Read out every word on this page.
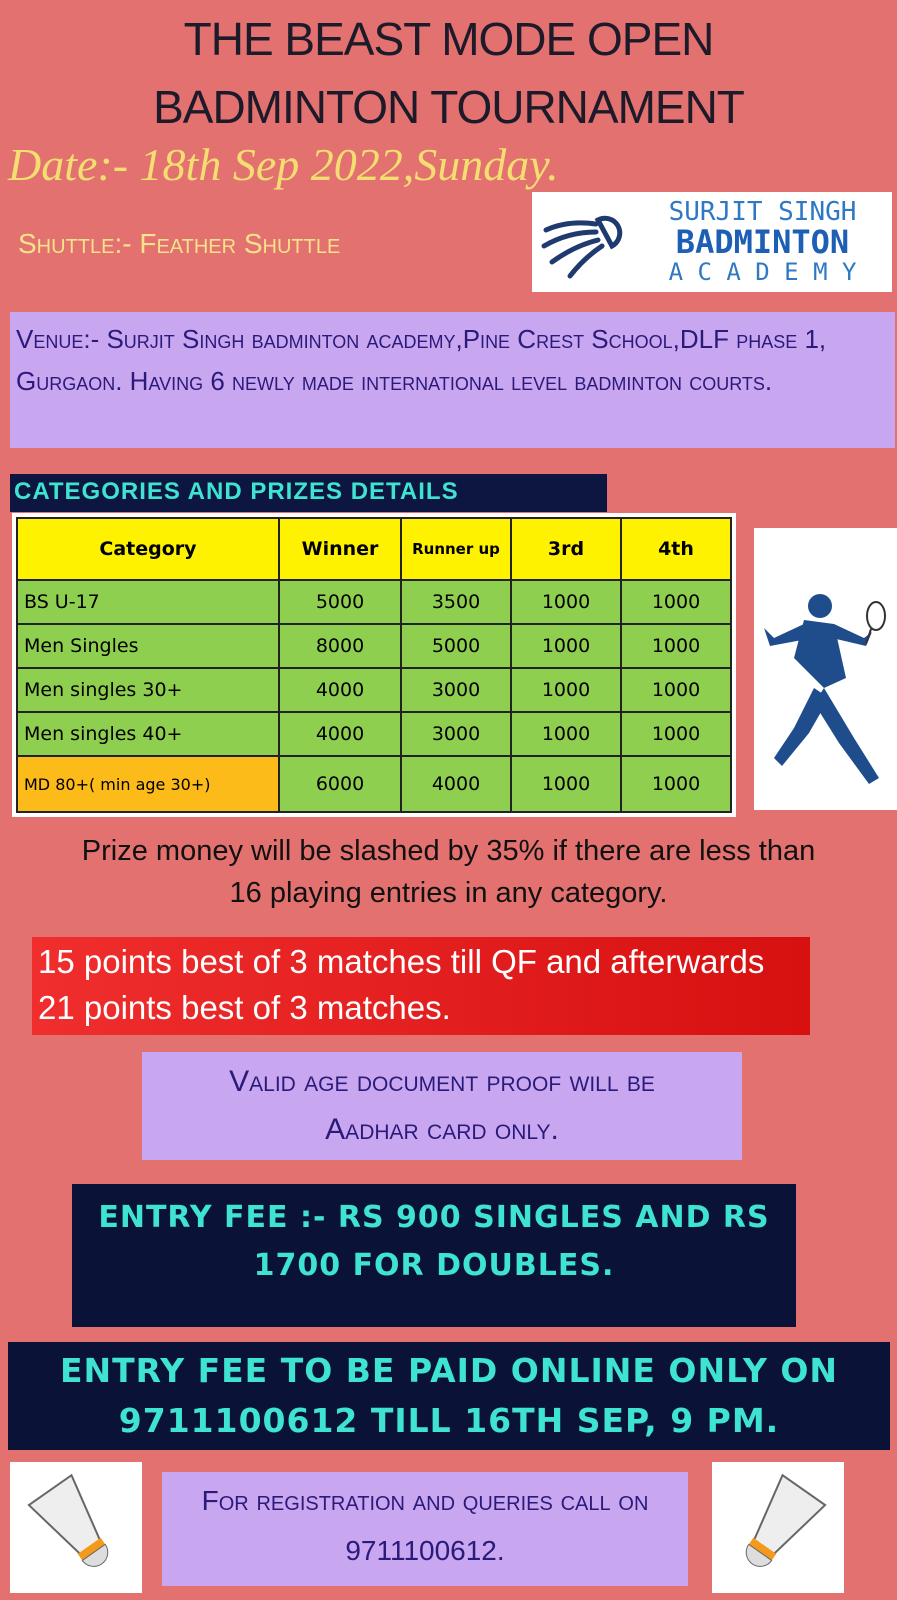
THE BEAST MODE OPEN
BADMINTON TOURNAMENT
Date:- 18th Sep 2022,Sunday.
Shuttle:- Feather Shuttle
SURJIT SINGH
BADMINTON
A C A D E M Y
Venue:- Surjit Singh badminton academy,Pine Crest School,DLF phase 1, Gurgaon. Having 6 newly made international level badminton courts.
CATEGORIES AND PRIZES DETAILS
Category	Winner	Runner up	3rd	4th
BS U-17	5000	3500	1000	1000
Men Singles	8000	5000	1000	1000
Men singles 30+	4000	3000	1000	1000
Men singles 40+	4000	3000	1000	1000
MD 80+( min age 30+)	6000	4000	1000	1000
Prize money will be slashed by 35% if there are less than 16 playing entries in any category.
15 points best of 3 matches till QF and afterwards 21 points best of 3 matches.
Valid age document proof will be Aadhar card only.
ENTRY FEE :- RS 900 SINGLES AND RS 1700 FOR DOUBLES.
ENTRY FEE TO BE PAID ONLINE ONLY ON 9711100612 TILL 16TH SEP, 9 PM.
For registration and queries call on 9711100612.
